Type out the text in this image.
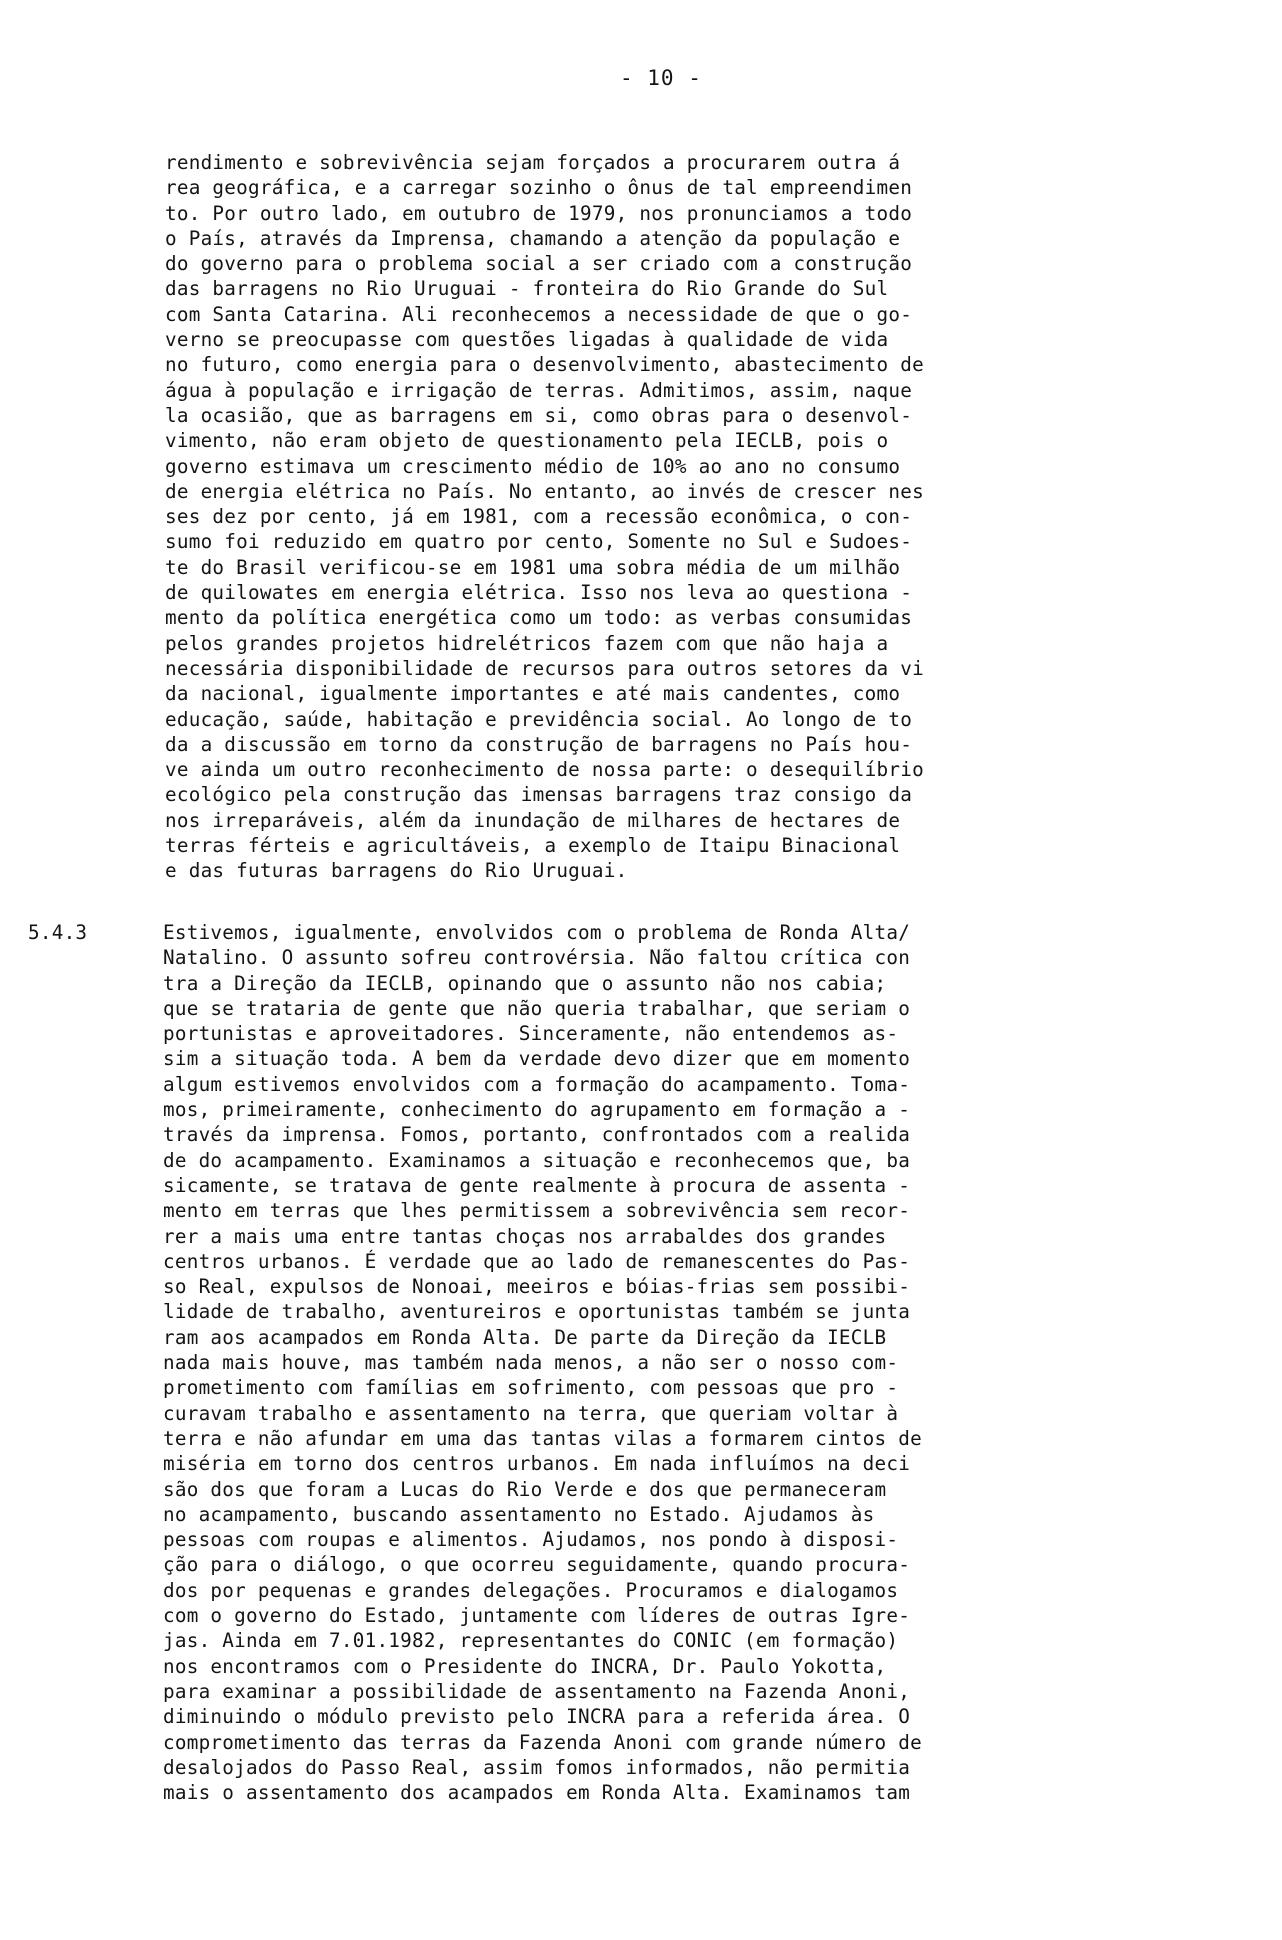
- 10 -
rendimento e sobrevivência sejam forçados a procurarem outra á
rea geográfica, e a carregar sozinho o ônus de tal empreendimen
to. Por outro lado, em outubro de 1979, nos pronunciamos a todo
o País, através da Imprensa, chamando a atenção da população e
do governo para o problema social a ser criado com a construção
das barragens no Rio Uruguai - fronteira do Rio Grande do Sul
com Santa Catarina. Ali reconhecemos a necessidade de que o go-
verno se preocupasse com questões ligadas à qualidade de vida
no futuro, como energia para o desenvolvimento, abastecimento de
água à população e irrigação de terras. Admitimos, assim, naque
la ocasião, que as barragens em si, como obras para o desenvol-
vimento, não eram objeto de questionamento pela IECLB, pois o
governo estimava um crescimento médio de 10% ao ano no consumo
de energia elétrica no País. No entanto, ao invés de crescer nes
ses dez por cento, já em 1981, com a recessão econômica, o con-
sumo foi reduzido em quatro por cento, Somente no Sul e Sudoes-
te do Brasil verificou-se em 1981 uma sobra média de um milhão
de quilowates em energia elétrica. Isso nos leva ao questiona -
mento da política energética como um todo: as verbas consumidas
pelos grandes projetos hidrelétricos fazem com que não haja a
necessária disponibilidade de recursos para outros setores da vi
da nacional, igualmente importantes e até mais candentes, como
educação, saúde, habitação e previdência social. Ao longo de to
da a discussão em torno da construção de barragens no País hou-
ve ainda um outro reconhecimento de nossa parte: o desequilíbrio
ecológico pela construção das imensas barragens traz consigo da
nos irreparáveis, além da inundação de milhares de hectares de
terras férteis e agricultáveis, a exemplo de Itaipu Binacional
e das futuras barragens do Rio Uruguai.
5.4.3	Estivemos, igualmente, envolvidos com o problema de Ronda Alta/
Natalino. O assunto sofreu controvérsia. Não faltou crítica con
tra a Direção da IECLB, opinando que o assunto não nos cabia;
que se trataria de gente que não queria trabalhar, que seriam o
portunistas e aproveitadores. Sinceramente, não entendemos as-
sim a situação toda. A bem da verdade devo dizer que em momento
algum estivemos envolvidos com a formação do acampamento. Toma-
mos, primeiramente, conhecimento do agrupamento em formação a -
través da imprensa. Fomos, portanto, confrontados com a realida
de do acampamento. Examinamos a situação e reconhecemos que, ba
sicamente, se tratava de gente realmente à procura de assenta -
mento em terras que lhes permitissem a sobrevivência sem recor-
rer a mais uma entre tantas choças nos arrabaldes dos grandes
centros urbanos. É verdade que ao lado de remanescentes do Pas-
so Real, expulsos de Nonoai, meeiros e bóias-frias sem possibi-
lidade de trabalho, aventureiros e oportunistas também se junta
ram aos acampados em Ronda Alta. De parte da Direção da IECLB
nada mais houve, mas também nada menos, a não ser o nosso com-
prometimento com famílias em sofrimento, com pessoas que pro -
curavam trabalho e assentamento na terra, que queriam voltar à
terra e não afundar em uma das tantas vilas a formarem cintos de
miséria em torno dos centros urbanos. Em nada influímos na deci
são dos que foram a Lucas do Rio Verde e dos que permaneceram
no acampamento, buscando assentamento no Estado. Ajudamos às
pessoas com roupas e alimentos. Ajudamos, nos pondo à disposi-
ção para o diálogo, o que ocorreu seguidamente, quando procura-
dos por pequenas e grandes delegações. Procuramos e dialogamos
com o governo do Estado, juntamente com líderes de outras Igre-
jas. Ainda em 7.01.1982, representantes do CONIC (em formação)
nos encontramos com o Presidente do INCRA, Dr. Paulo Yokotta,
para examinar a possibilidade de assentamento na Fazenda Anoni,
diminuindo o módulo previsto pelo INCRA para a referida área. O
comprometimento das terras da Fazenda Anoni com grande número de
desalojados do Passo Real, assim fomos informados, não permitia
mais o assentamento dos acampados em Ronda Alta. Examinamos tam
